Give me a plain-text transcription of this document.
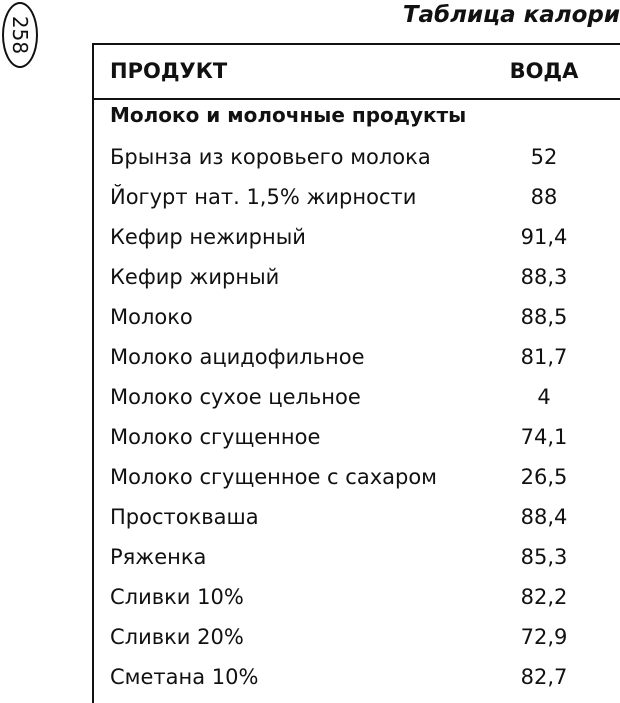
258
Таблица калори
ПРОДУКТ	ВОДА
Молоко и молочные продукты
Брынза из коровьего молока	52
Йогурт нат. 1,5% жирности	88
Кефир нежирный	91,4
Кефир жирный	88,3
Молоко	88,5
Молоко ацидофильное	81,7
Молоко сухое цельное	4
Молоко сгущенное	74,1
Молоко сгущенное с сахаром	26,5
Простокваша	88,4
Ряженка	85,3
Сливки 10%	82,2
Сливки 20%	72,9
Сметана 10%	82,7
